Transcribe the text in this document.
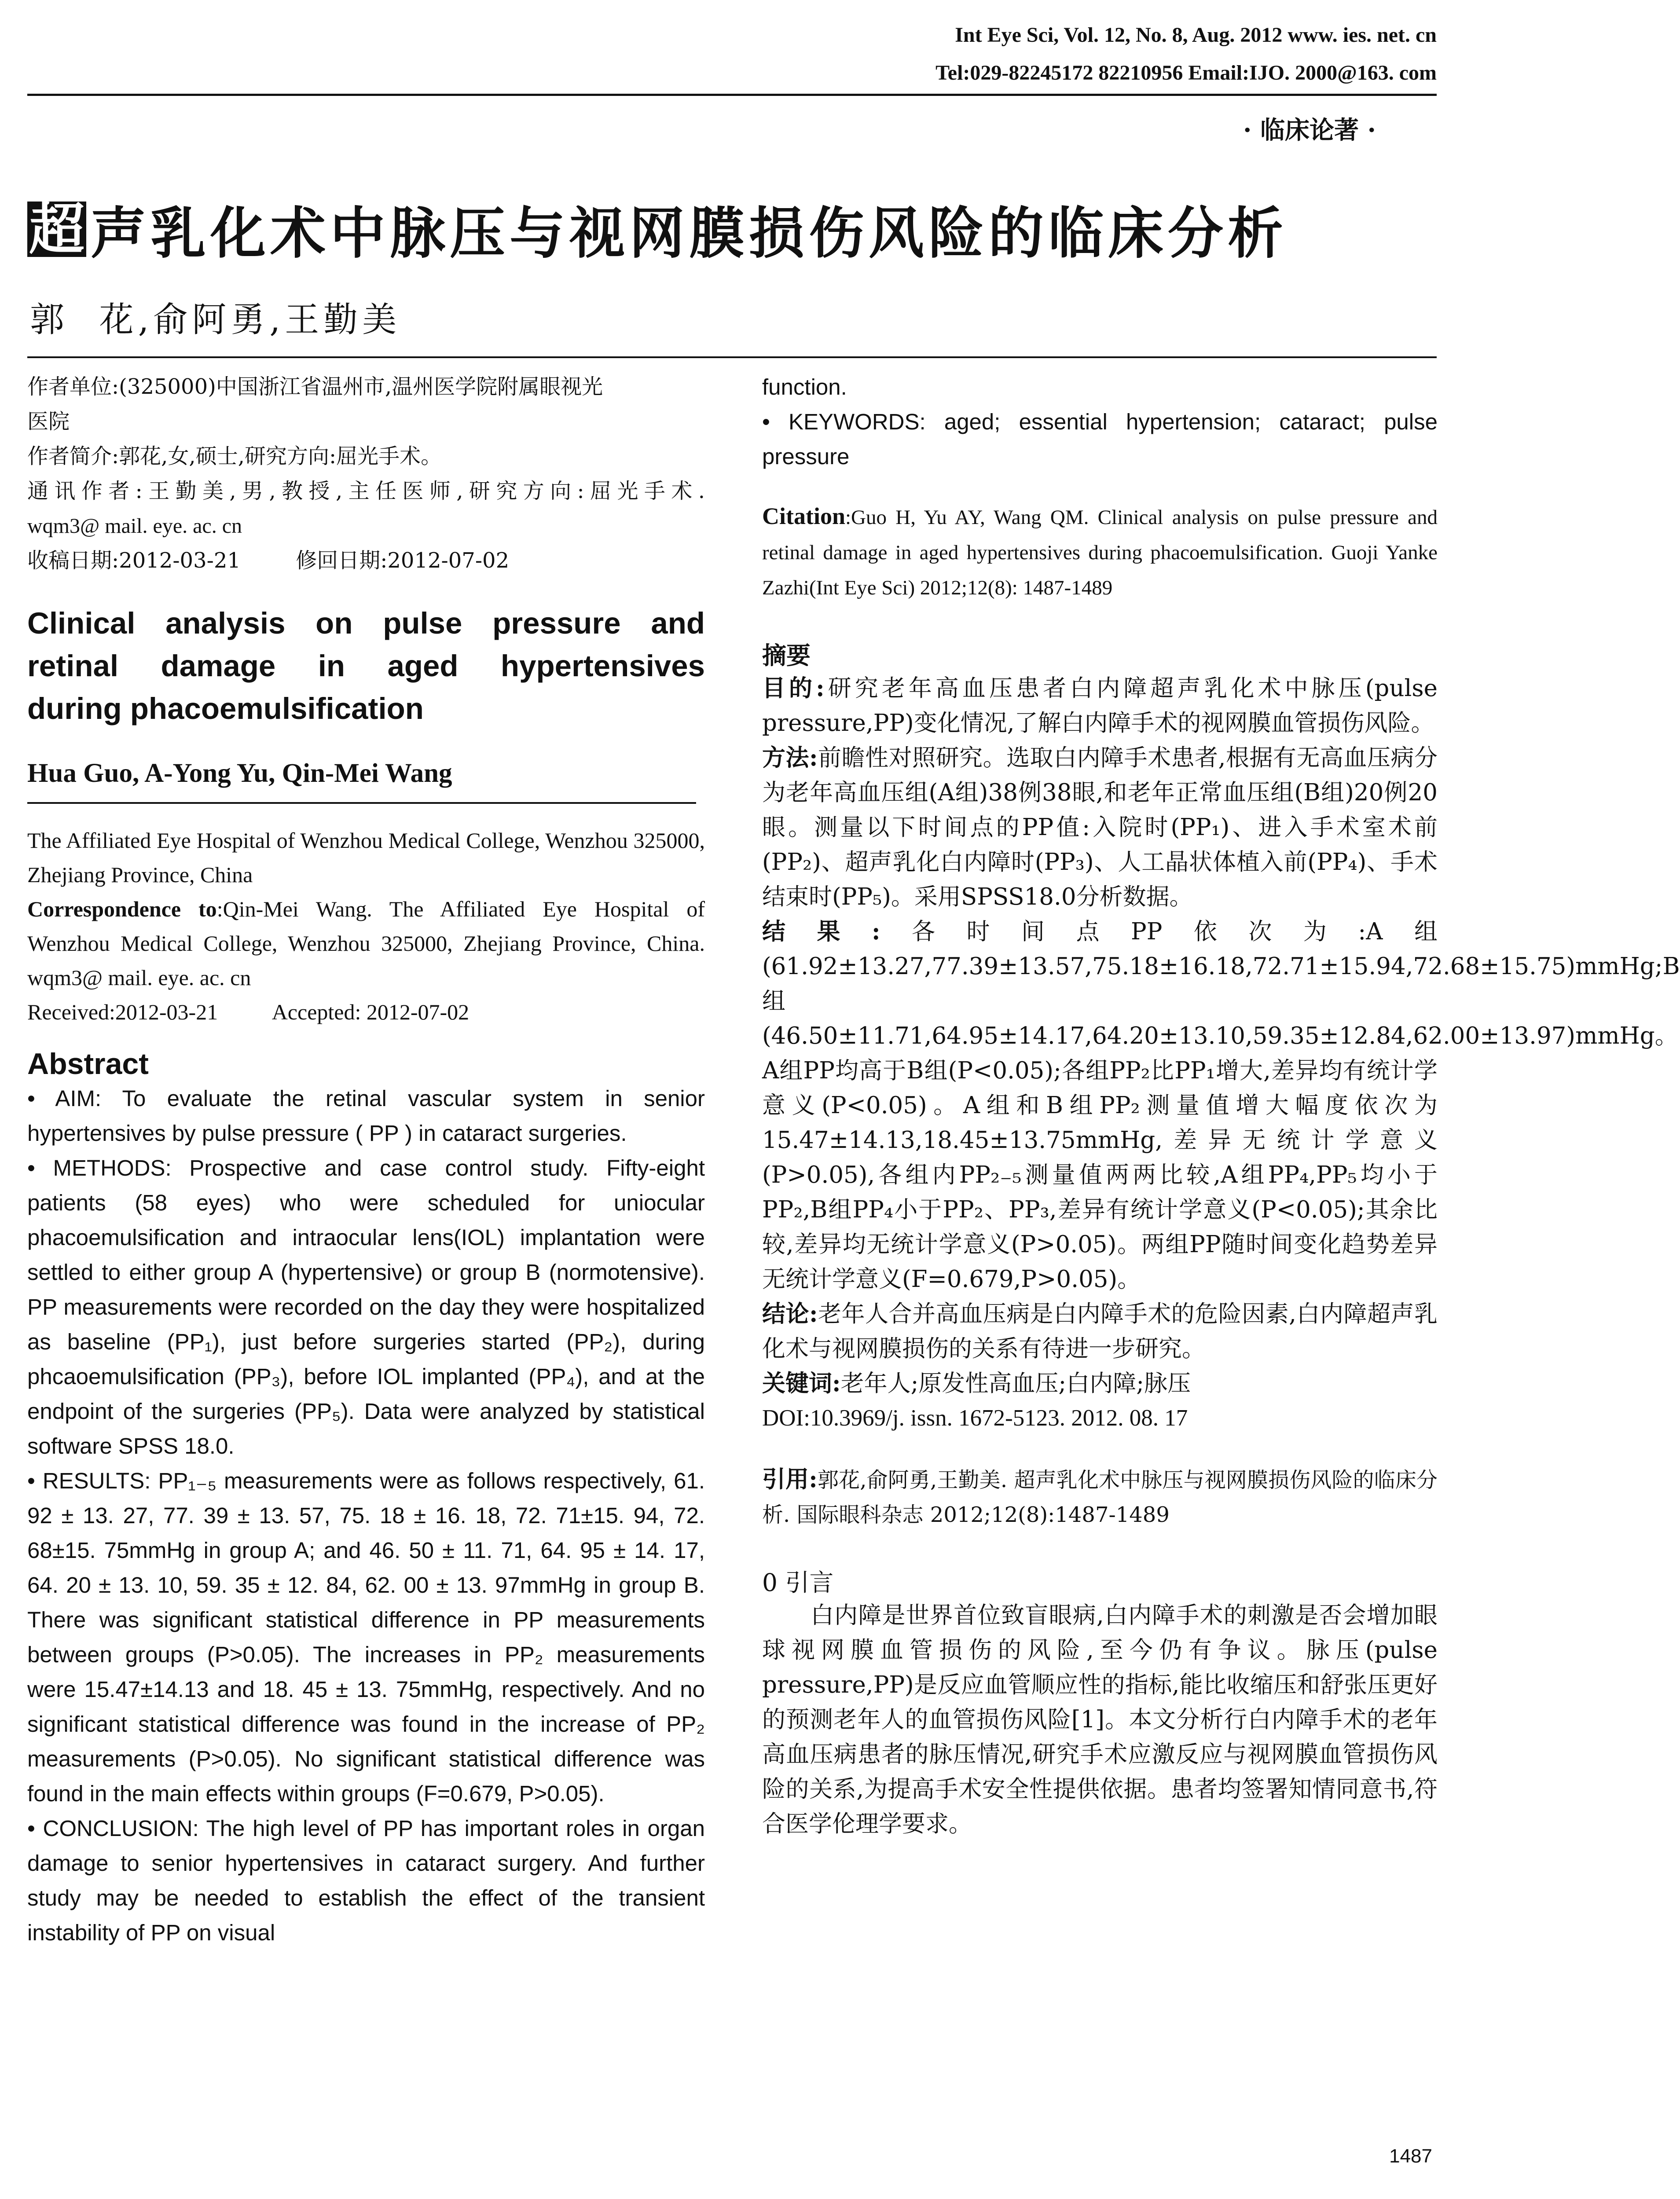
Int Eye Sci, Vol. 12, No. 8, Aug. 2012 www. ies. net. cn
Tel:029-82245172 82210956 Email:IJO. 2000@163. com
· 临床论著 ·
超 声乳化术中脉压与视网膜损伤风险的临床分析
郭  花,俞阿勇,王勤美

作者单位:(325000)中国浙江省温州市,温州医学院附属眼视光

医院

作者简介:郭花,女,硕士,研究方向:屈光手术。

通讯作者:王勤美,男,教授,主任医师,研究方向:屈光手术.

wqm3@ mail. eye. ac. cn

收稿日期:2012-03-21	修回日期:2012-07-02

Clinical analysis on pulse pressure and

retinal damage in aged hypertensives

during phacoemulsification

Hua Guo, A-Yong Yu, Qin-Mei Wang

The Affiliated Eye Hospital of Wenzhou Medical College, Wenzhou 325000, Zhejiang Province, China

Correspondence to:Qin-Mei Wang. The Affiliated Eye Hospital of Wenzhou Medical College, Wenzhou 325000, Zhejiang Province, China. wqm3@ mail. eye. ac. cn

Received:2012-03-21 Accepted: 2012-07-02

Abstract

• AIM: To evaluate the retinal vascular system in senior hypertensives by pulse pressure ( PP ) in cataract surgeries.

• METHODS: Prospective and case control study. Fifty-eight patients (58 eyes) who were scheduled for uniocular phacoemulsification and intraocular lens(IOL) implantation were settled to either group A (hypertensive) or group B (normotensive). PP measurements were recorded on the day they were hospitalized as baseline (PP₁), just before surgeries started (PP₂), during phcaoemulsification (PP₃), before IOL implanted (PP₄), and at the endpoint of the surgeries (PP₅). Data were analyzed by statistical software SPSS 18.0.

• RESULTS: PP₁₋₅ measurements were as follows respectively, 61. 92 ± 13. 27, 77. 39 ± 13. 57, 75. 18 ± 16. 18, 72. 71±15. 94, 72. 68±15. 75mmHg in group A; and 46. 50 ± 11. 71, 64. 95 ± 14. 17, 64. 20 ± 13. 10, 59. 35 ± 12. 84, 62. 00 ± 13. 97mmHg in group B. There was significant statistical difference in PP measurements between groups (P>0.05). The increases in PP₂ measurements were 15.47±14.13 and 18. 45 ± 13. 75mmHg, respectively. And no significant statistical difference was found in the increase of PP₂ measurements (P>0.05). No significant statistical difference was found in the main effects within groups (F=0.679, P>0.05).

• CONCLUSION: The high level of PP has important roles in organ damage to senior hypertensives in cataract surgery. And further study may be needed to establish the effect of the transient instability of PP on visual

function.

• KEYWORDS: aged; essential hypertension; cataract; pulse pressure

Citation:Guo H, Yu AY, Wang QM. Clinical analysis on pulse pressure and retinal damage in aged hypertensives during phacoemulsification. Guoji Yanke Zazhi(Int Eye Sci) 2012;12(8): 1487-1489

摘要

目的:研究老年高血压患者白内障超声乳化术中脉压(pulse pressure,PP)变化情况,了解白内障手术的视网膜血管损伤风险。

方法:前瞻性对照研究。选取白内障手术患者,根据有无高血压病分为老年高血压组(A组)38例38眼,和老年正常血压组(B组)20例20眼。测量以下时间点的PP值:入院时(PP₁)、进入手术室术前(PP₂)、超声乳化白内障时(PP₃)、人工晶状体植入前(PP₄)、手术结束时(PP₅)。采用SPSS18.0分析数据。

结果:各时间点PP依次为:A组(61.92±13.27,77.39±13.57,75.18±16.18,72.71±15.94,72.68±15.75)mmHg;B组(46.50±11.71,64.95±14.17,64.20±13.10,59.35±12.84,62.00±13.97)mmHg。A组PP均高于B组(P<0.05);各组PP₂比PP₁增大,差异均有统计学意义(P<0.05)。A组和B组PP₂测量值增大幅度依次为15.47±14.13,18.45±13.75mmHg,差异无统计学意义(P>0.05),各组内PP₂₋₅测量值两两比较,A组PP₄,PP₅均小于PP₂,B组PP₄小于PP₂、PP₃,差异有统计学意义(P<0.05);其余比较,差异均无统计学意义(P>0.05)。两组PP随时间变化趋势差异无统计学意义(F=0.679,P>0.05)。

结论:老年人合并高血压病是白内障手术的危险因素,白内障超声乳化术与视网膜损伤的关系有待进一步研究。

关键词:老年人;原发性高血压;白内障;脉压

DOI:10.3969/j. issn. 1672-5123. 2012. 08. 17

引用:郭花,俞阿勇,王勤美. 超声乳化术中脉压与视网膜损伤风险的临床分析. 国际眼科杂志 2012;12(8):1487-1489

0 引言

白内障是世界首位致盲眼病,白内障手术的刺激是否会增加眼球视网膜血管损伤的风险,至今仍有争议。脉压(pulse pressure,PP)是反应血管顺应性的指标,能比收缩压和舒张压更好的预测老年人的血管损伤风险[1]。本文分析行白内障手术的老年高血压病患者的脉压情况,研究手术应激反应与视网膜血管损伤风险的关系,为提高手术安全性提供依据。患者均签署知情同意书,符合医学伦理学要求。

1487
